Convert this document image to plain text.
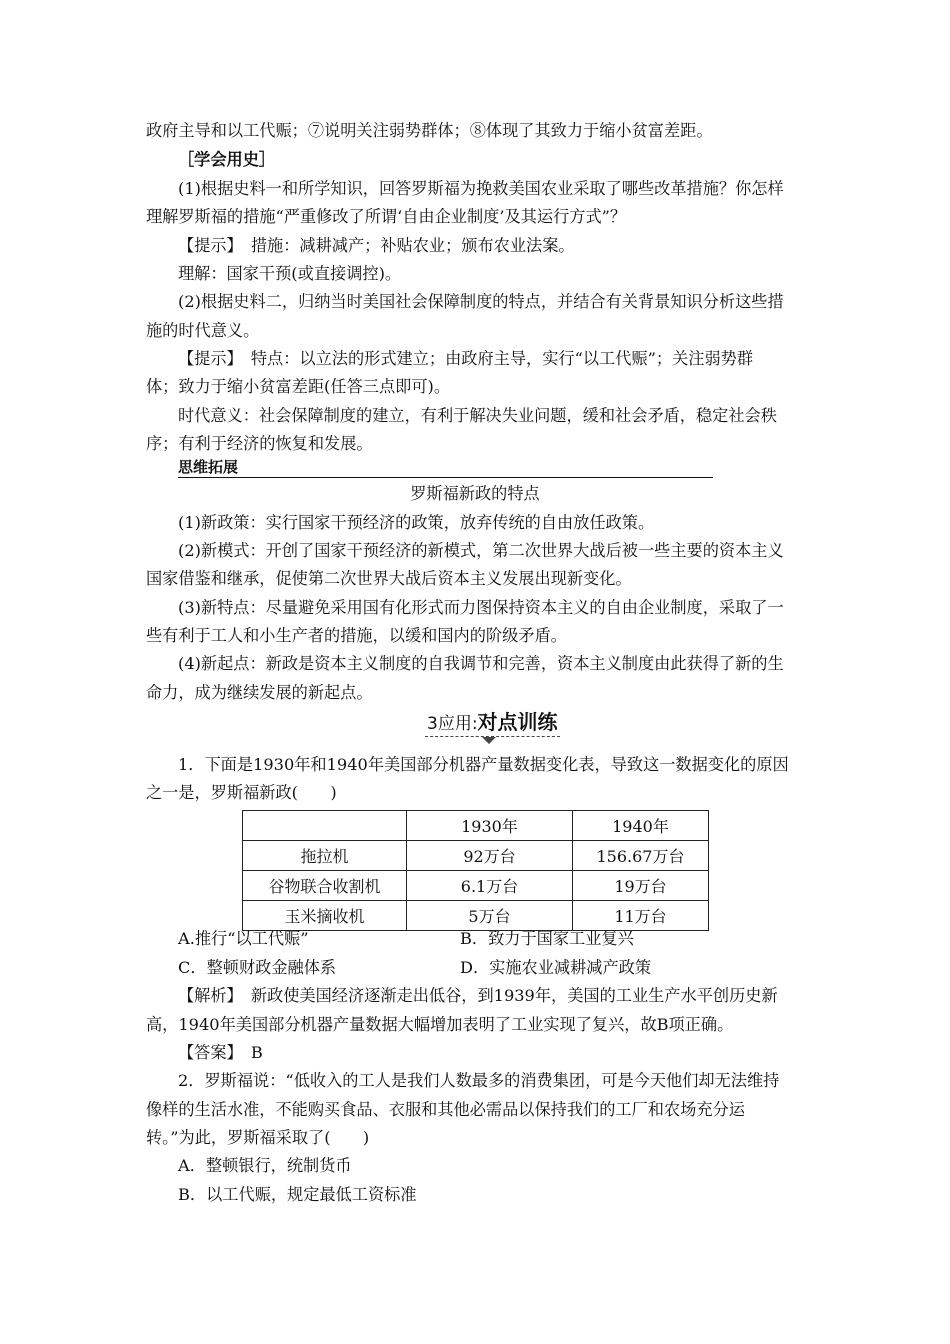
政府主导和以工代赈；⑦说明关注弱势群体；⑧体现了其致力于缩小贫富差距。
［学会用史］
(1)根据史料一和所学知识，回答罗斯福为挽救美国农业采取了哪些改革措施？你怎样
理解罗斯福的措施“严重修改了所谓‘自由企业制度’及其运行方式”？
【提示】　措施：减耕减产；补贴农业；颁布农业法案。
理解：国家干预(或直接调控)。
(2)根据史料二，归纳当时美国社会保障制度的特点，并结合有关背景知识分析这些措
施的时代意义。
【提示】　特点：以立法的形式建立；由政府主导，实行“以工代赈”；关注弱势群
体；致力于缩小贫富差距(任答三点即可)。
时代意义：社会保障制度的建立，有利于解决失业问题，缓和社会矛盾，稳定社会秩
序；有利于经济的恢复和发展。
思维拓展
罗斯福新政的特点
(1)新政策：实行国家干预经济的政策，放弃传统的自由放任政策。
(2)新模式：开创了国家干预经济的新模式，第二次世界大战后被一些主要的资本主义
国家借鉴和继承，促使第二次世界大战后资本主义发展出现新变化。
(3)新特点：尽量避免采用国有化形式而力图保持资本主义的自由企业制度，采取了一
些有利于工人和小生产者的措施，以缓和国内的阶级矛盾。
(4)新起点：新政是资本主义制度的自我调节和完善，资本主义制度由此获得了新的生
命力，成为继续发展的新起点。
3应用:对点训练
1．下面是1930年和1940年美国部分机器产量数据变化表，导致这一数据变化的原因
之一是，罗斯福新政(　　)
	1930年	1940年
拖拉机	92万台	156.67万台
谷物联合收割机	6.1万台	19万台
玉米摘收机	5万台	11万台
A.推行“以工代赈”	B．致力于国家工业复兴
C．整顿财政金融体系	D．实施农业减耕减产政策
【解析】　新政使美国经济逐渐走出低谷，到1939年，美国的工业生产水平创历史新
高，1940年美国部分机器产量数据大幅增加表明了工业实现了复兴，故B项正确。
【答案】　B
2．罗斯福说：“低收入的工人是我们人数最多的消费集团，可是今天他们却无法维持
像样的生活水准，不能购买食品、衣服和其他必需品以保持我们的工厂和农场充分运
转。”为此，罗斯福采取了(　　)
A．整顿银行，统制货币
B．以工代赈，规定最低工资标准
